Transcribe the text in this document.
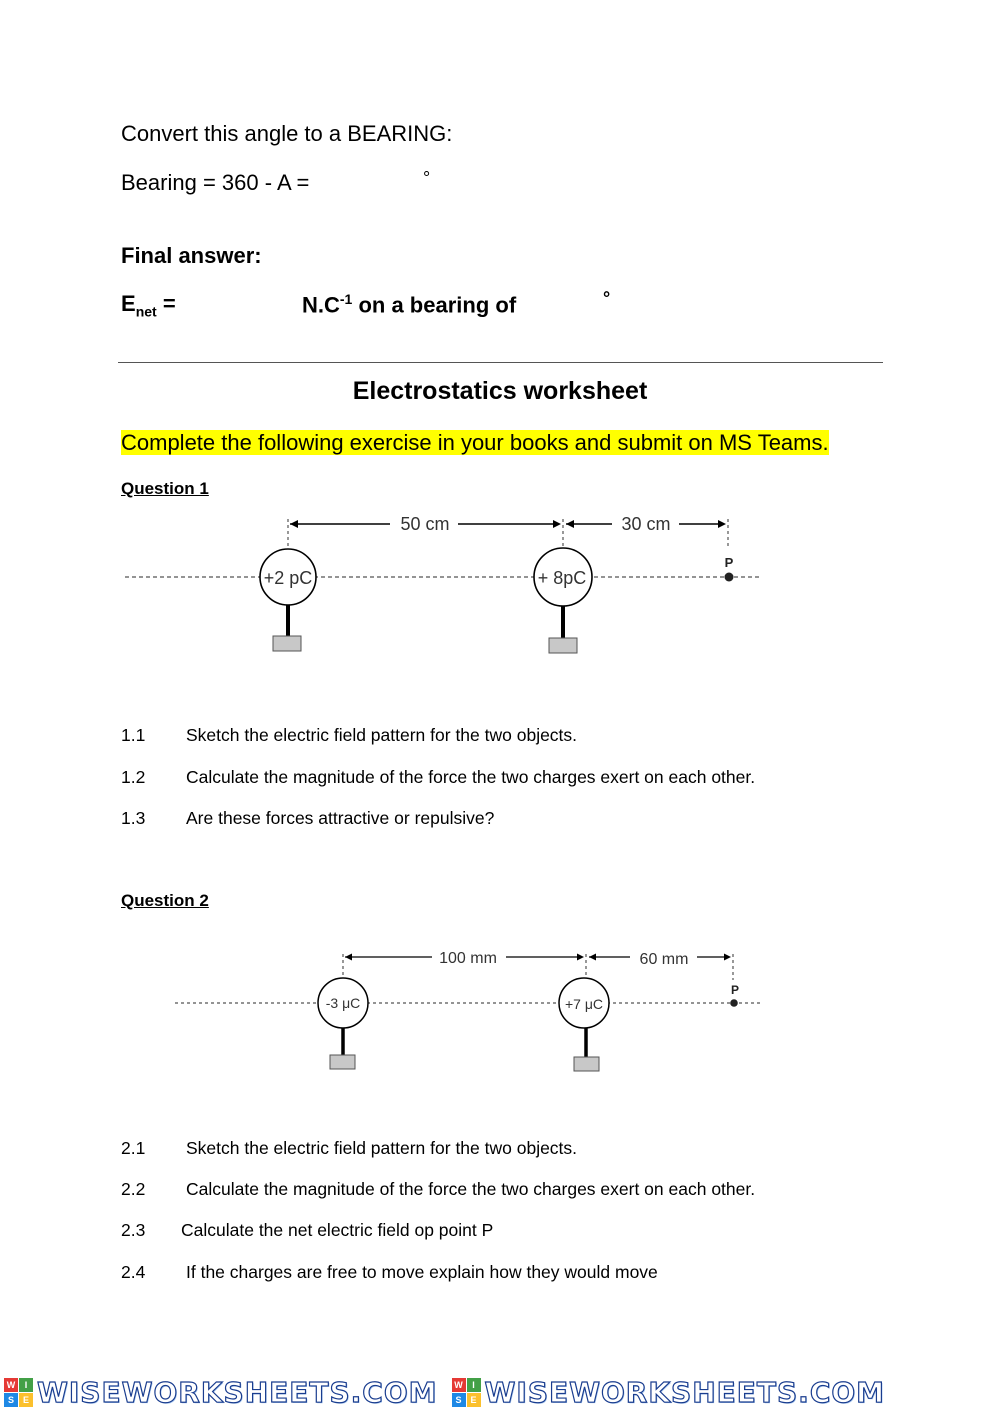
Convert this angle to a BEARING:
Bearing = 360 - A =	°
Final answer:
$E_{net}$ =	$N.C^{-1}$ on a bearing of	°
Electrostatics worksheet
Complete the following exercise in your books and submit on MS Teams.
Question 1
50 cm	30 cm
+2 pC	+ 8pC
P
1.1 Sketch the electric field pattern for the two objects.
1.2 Calculate the magnitude of the force the two charges exert on each other.
1.3 Are these forces attractive or repulsive?
Question 2
100 mm	60 mm
-3 μC	+7 μC
P
2.1 Sketch the electric field pattern for the two objects.
2.2 Calculate the magnitude of the force the two charges exert on each other.
2.3 Calculate the net electric field op point P
2.4 If the charges are free to move explain how they would move
W	I
S E WISEWORKSHEETS.COM	W	I
S E WISEWORKSHEETS.COM
